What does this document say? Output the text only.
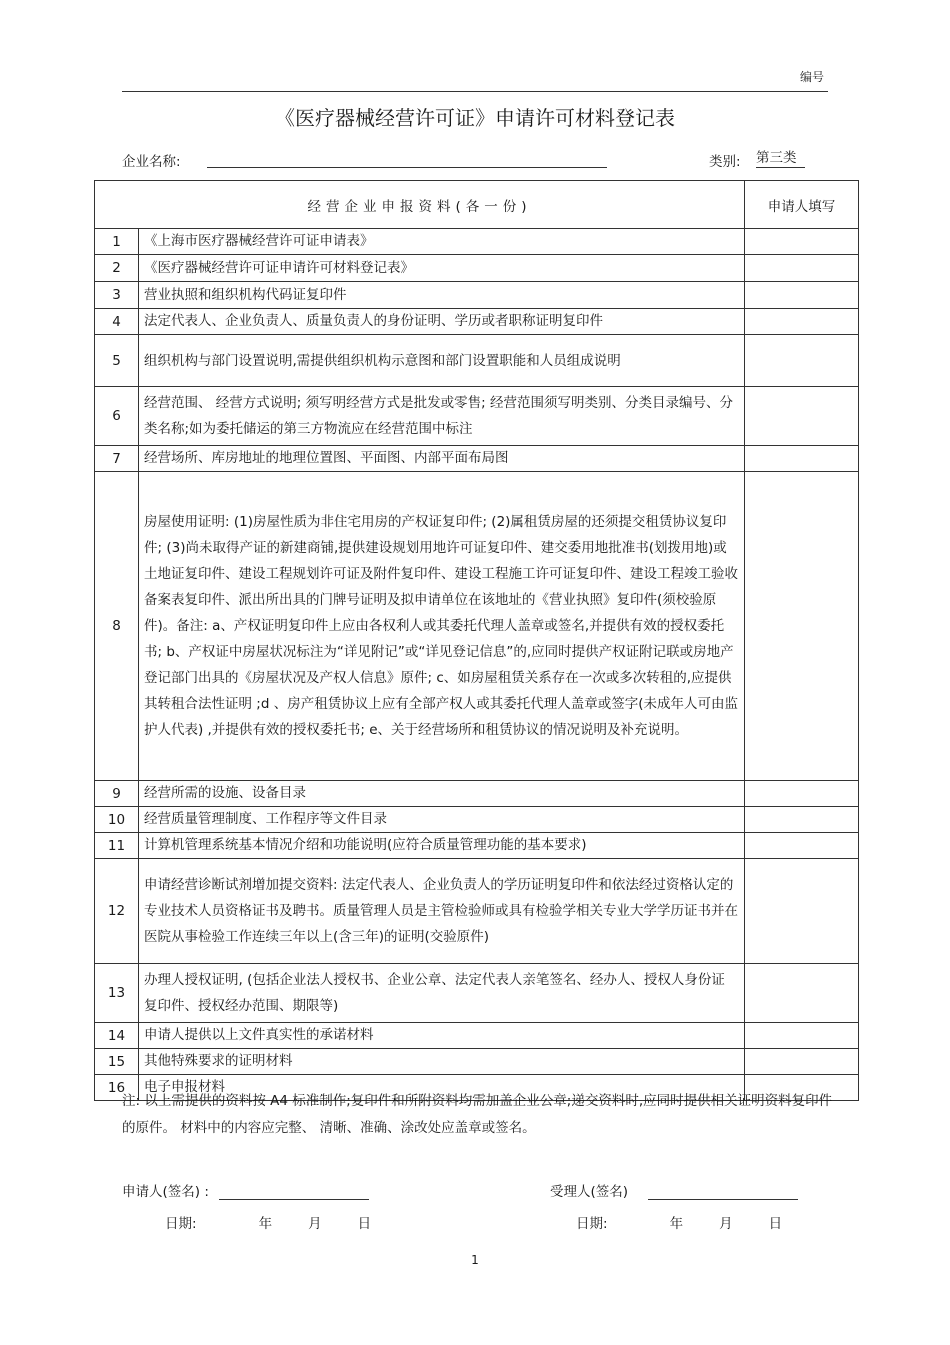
编号
《医疗器械经营许可证》申请许可材料登记表
企业名称:	类别: 第三类
经营企业申报资料(各一份)		申请人填写
1	《上海市医疗器械经营许可证申请表》	
2	《医疗器械经营许可证申请许可材料登记表》	
3	营业执照和组织机构代码证复印件	
4	法定代表人、企业负责人、质量负责人的身份证明、学历或者职称证明复印件	
5	组织机构与部门设置说明,需提供组织机构示意图和部门设置职能和人员组成说明	
6	经营范围、 经营方式说明; 须写明经营方式是批发或零售; 经营范围须写明类别、分类目录编号、分类名称;如为委托储运的第三方物流应在经营范围中标注	
7	经营场所、库房地址的地理位置图、平面图、内部平面布局图	
8	房屋使用证明: (1)房屋性质为非住宅用房的产权证复印件; (2)属租赁房屋的还须提交租赁协议复印件; (3)尚未取得产证的新建商铺,提供建设规划用地许可证复印件、建交委用地批准书(划拨用地)或土地证复印件、建设工程规划许可证及附件复印件、建设工程施工许可证复印件、建设工程竣工验收备案表复印件、派出所出具的门牌号证明及拟申请单位在该地址的《营业执照》复印件(须校验原件)。备注: a、产权证明复印件上应由各权利人或其委托代理人盖章或签名,并提供有效的授权委托书; b、产权证中房屋状况标注为“详见附记”或“详见登记信息”的,应同时提供产权证附记联或房地产登记部门出具的《房屋状况及产权人信息》原件; c、如房屋租赁关系存在一次或多次转租的,应提供其转租合法性证明 ;d 、房产租赁协议上应有全部产权人或其委托代理人盖章或签字(未成年人可由监护人代表) ,并提供有效的授权委托书; e、关于经营场所和租赁协议的情况说明及补充说明。	
9	经营所需的设施、设备目录	
10	经营质量管理制度、工作程序等文件目录	
11	计算机管理系统基本情况介绍和功能说明(应符合质量管理功能的基本要求)	
12	申请经营诊断试剂增加提交资料: 法定代表人、企业负责人的学历证明复印件和依法经过资格认定的专业技术人员资格证书及聘书。质量管理人员是主管检验师或具有检验学相关专业大学学历证书并在医院从事检验工作连续三年以上(含三年)的证明(交验原件)	
13	办理人授权证明, (包括企业法人授权书、企业公章、法定代表人亲笔签名、经办人、授权人身份证复印件、授权经办范围、期限等)	
14	申请人提供以上文件真实性的承诺材料	
15	其他特殊要求的证明材料	
16	电子申报材料	
注: 以上需提供的资料按 A4 标准制作;复印件和所附资料均需加盖企业公章;递交资料时,应同时提供相关证明资料复印件的原件。 材料中的内容应完整、 清晰、准确、涂改处应盖章或签名。
申请人(签名) :	受理人(签名)
日期:	年	月	日	日期:	年	月	日
1
